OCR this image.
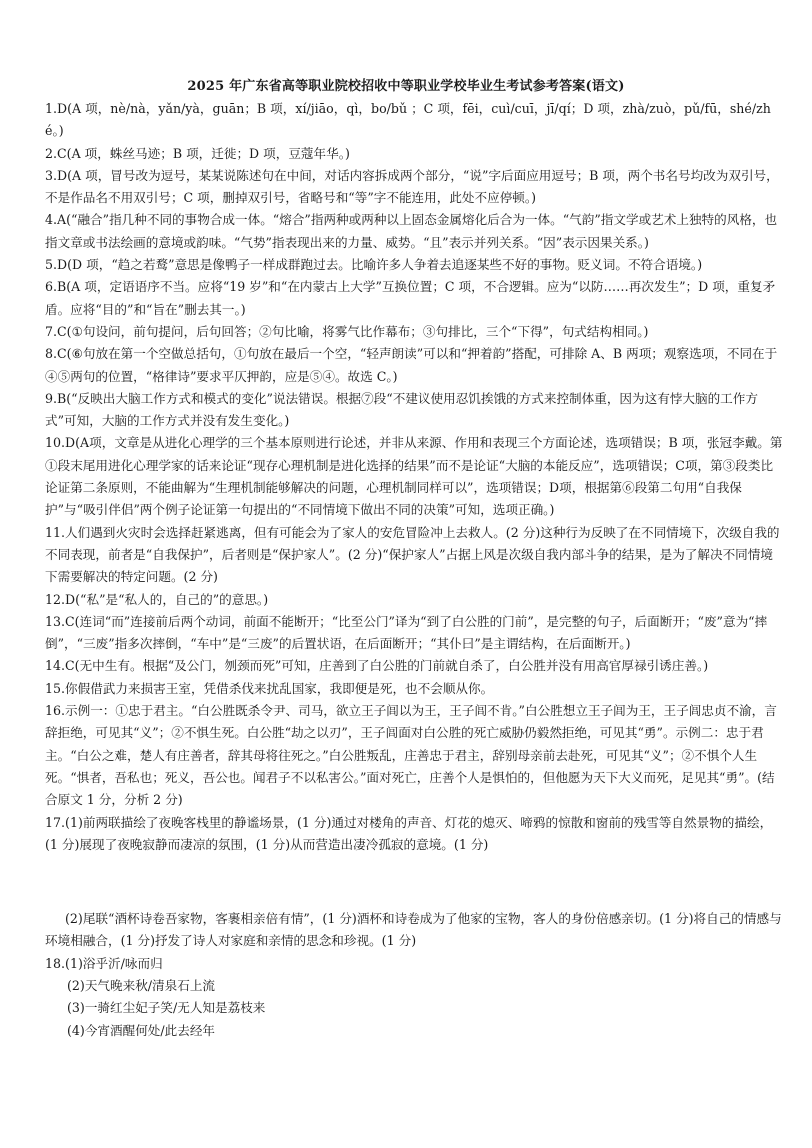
2025 年广东省高等职业院校招收中等职业学校毕业生考试参考答案(语文)

1.D(A 项，nè/nà，yǎn/yà，guān；B 项，xí/jiāo，qì，bo/bǔ ；C 项，fēi，cuì/cuī，jī/qí；D 项，zhà/zuò，pǔ/fū，shé/zhé。)

2.C(A 项，蛛丝马迹；B 项，迁徙；D 项，豆蔻年华。)

3.D(A 项，冒号改为逗号，某某说陈述句在中间，对话内容拆成两个部分，“说”字后面应用逗号；B 项，两个书名号均改为双引号，不是作品名不用双引号；C 项，删掉双引号，省略号和“等”字不能连用，此处不应停顿。)

4.A(“融合”指几种不同的事物合成一体。“熔合”指两种或两种以上固态金属熔化后合为一体。“气韵”指文学或艺术上独特的风格，也指文章或书法绘画的意境或韵味。“气势”指表现出来的力量、威势。“且”表示并列关系。“因”表示因果关系。)

5.D(D 项，“趋之若鹜”意思是像鸭子一样成群跑过去。比喻许多人争着去追逐某些不好的事物。贬义词。不符合语境。)

6.B(A 项，定语语序不当。应将“19 岁”和“在内蒙古上大学”互换位置；C 项，不合逻辑。应为“以防……再次发生”；D 项，重复矛盾。应将“目的”和“旨在”删去其一。)

7.C(①句设问，前句提问，后句回答；②句比喻，将雾气比作幕布；③句排比，三个“下得”，句式结构相同。)

8.C(⑥句放在第一个空做总括句，①句放在最后一个空，“轻声朗读”可以和“押着韵”搭配，可排除 A、B 两项；观察选项，不同在于④⑤两句的位置，“格律诗”要求平仄押韵，应是⑤④。故选 C。)

9.B(“反映出大脑工作方式和模式的变化”说法错误。根据⑦段“不建议使用忍饥挨饿的方式来控制体重，因为这有悖大脑的工作方式”可知，大脑的工作方式并没有发生变化。)

10.D(A项，文章是从进化心理学的三个基本原则进行论述，并非从来源、作用和表现三个方面论述，选项错误；B 项，张冠李戴。第①段末尾用进化心理学家的话来论证“现存心理机制是进化选择的结果”而不是论证“大脑的本能反应”，选项错误；C项，第③段类比论证第二条原则，不能曲解为“生理机制能够解决的问题，心理机制同样可以”，选项错误；D项，根据第⑥段第二句用“自我保护”与“吸引伴侣”两个例子论证第一句提出的“不同情境下做出不同的决策”可知，选项正确。)

11.人们遇到火灾时会选择赶紧逃离，但有可能会为了家人的安危冒险冲上去救人。(2 分)这种行为反映了在不同情境下，次级自我的不同表现，前者是“自我保护”，后者则是“保护家人”。(2 分)“保护家人”占据上风是次级自我内部斗争的结果，是为了解决不同情境下需要解决的特定问题。(2 分)

12.D(“私”是“私人的，自己的”的意思。)

13.C(连词“而”连接前后两个动词，前面不能断开；“比至公门”译为“到了白公胜的门前”，是完整的句子，后面断开；“废”意为“摔倒”，“三废”指多次摔倒，“车中”是“三废”的后置状语，在后面断开；“其仆曰”是主谓结构，在后面断开。)

14.C(无中生有。根据“及公门，刎颈而死”可知，庄善到了白公胜的门前就自杀了，白公胜并没有用高官厚禄引诱庄善。)

15.你假借武力来损害王室，凭借杀伐来扰乱国家，我即便是死，也不会顺从你。

16.示例一：①忠于君主。“白公胜既杀令尹、司马，欲立王子闾以为王，王子闾不肯。”白公胜想立王子闾为王，王子闾忠贞不渝，言辞拒绝，可见其“义”；②不惧生死。白公胜“劫之以刃”，王子闾面对白公胜的死亡威胁仍毅然拒绝，可见其“勇”。示例二：忠于君主。“白公之难，楚人有庄善者，辞其母将往死之。”白公胜叛乱，庄善忠于君主，辞别母亲前去赴死，可见其“义”；②不惧个人生死。“惧者，吾私也；死义，吾公也。闻君子不以私害公。”面对死亡，庄善个人是惧怕的，但他愿为天下大义而死，足见其“勇”。(结合原文 1 分，分析 2 分)

17.(1)前两联描绘了夜晚客栈里的静谧场景，(1 分)通过对楼角的声音、灯花的熄灭、啼鸦的惊散和窗前的残雪等自然景物的描绘，(1 分)展现了夜晚寂静而凄凉的氛围，(1 分)从而营造出凄冷孤寂的意境。(1 分)

(2)尾联“酒杯诗卷吾家物，客裹相亲倍有情”，(1 分)酒杯和诗卷成为了他家的宝物，客人的身份倍感亲切。(1 分)将自己的情感与环境相融合，(1 分)抒发了诗人对家庭和亲情的思念和珍视。(1 分)

18.(1)浴乎沂/咏而归

(2)天气晚来秋/清泉石上流

(3)一骑红尘妃子笑/无人知是荔枝来

(4)今宵酒醒何处/此去经年
